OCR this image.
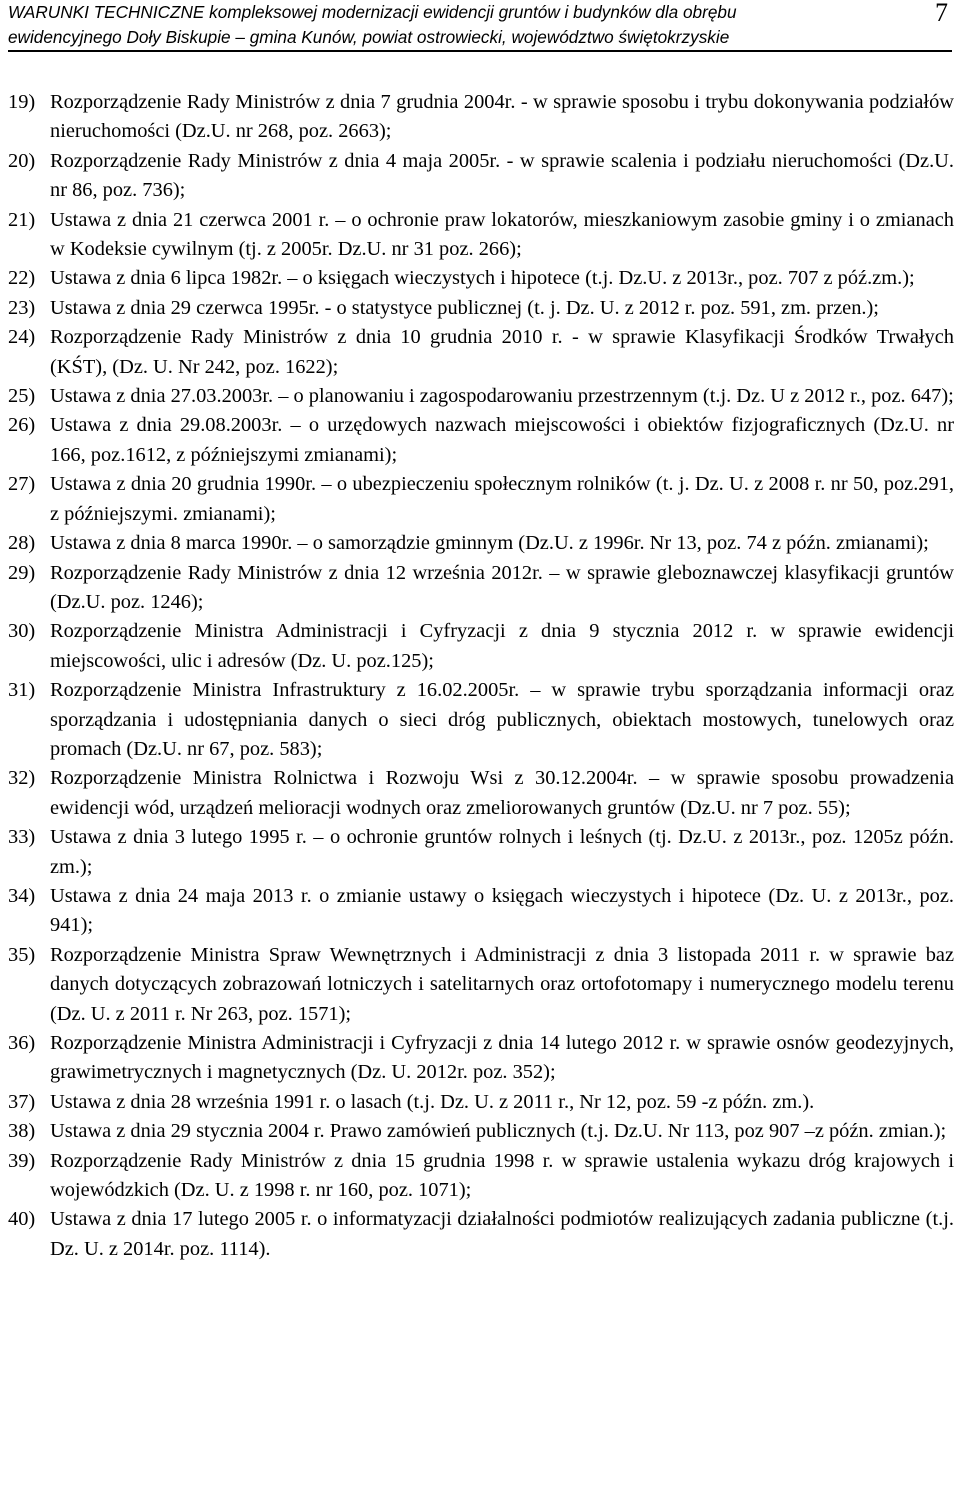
WARUNKI TECHNICZNE kompleksowej modernizacji ewidencji gruntów i budynków dla obrębu
ewidencyjnego Doły Biskupie – gmina Kunów, powiat ostrowiecki, województwo świętokrzyskie
7
19) Rozporządzenie Rady Ministrów z dnia 7 grudnia 2004r. - w sprawie sposobu i trybu dokonywania podziałów nieruchomości (Dz.U. nr 268, poz. 2663);
20) Rozporządzenie Rady Ministrów z dnia 4 maja 2005r. - w sprawie scalenia i podziału nieruchomości (Dz.U. nr 86, poz. 736);
21) Ustawa z dnia 21 czerwca 2001 r. – o ochronie praw lokatorów, mieszkaniowym zasobie gminy i o zmianach w Kodeksie cywilnym (tj. z 2005r. Dz.U. nr 31 poz. 266);
22) Ustawa z dnia 6 lipca 1982r. – o księgach wieczystych i hipotece (t.j. Dz.U. z 2013r., poz. 707 z póź.zm.);
23) Ustawa z dnia 29 czerwca 1995r. - o statystyce publicznej (t. j. Dz. U. z 2012 r. poz. 591, zm. przen.);
24) Rozporządzenie Rady Ministrów z dnia 10 grudnia 2010 r. - w sprawie Klasyfikacji Środków Trwałych (KŚT), (Dz. U. Nr 242, poz. 1622);
25) Ustawa z dnia 27.03.2003r. – o planowaniu i zagospodarowaniu przestrzennym (t.j. Dz. U z 2012 r., poz. 647);
26) Ustawa z dnia 29.08.2003r. – o urzędowych nazwach miejscowości i obiektów fizjograficznych (Dz.U. nr 166, poz.1612, z późniejszymi zmianami);
27) Ustawa z dnia 20 grudnia 1990r. – o ubezpieczeniu społecznym rolników (t. j. Dz. U. z 2008 r. nr 50, poz.291, z późniejszymi. zmianami);
28) Ustawa z dnia 8 marca 1990r. – o samorządzie gminnym (Dz.U. z 1996r. Nr 13, poz. 74 z późn. zmianami);
29) Rozporządzenie Rady Ministrów z dnia 12 września 2012r. – w sprawie gleboznawczej klasyfikacji gruntów (Dz.U. poz. 1246);
30) Rozporządzenie Ministra Administracji i Cyfryzacji z dnia 9 stycznia 2012 r. w sprawie ewidencji miejscowości, ulic i adresów (Dz. U. poz.125);
31) Rozporządzenie Ministra Infrastruktury z 16.02.2005r. – w sprawie trybu sporządzania informacji oraz sporządzania i udostępniania danych o sieci dróg publicznych, obiektach mostowych, tunelowych oraz promach (Dz.U. nr 67, poz. 583);
32) Rozporządzenie Ministra Rolnictwa i Rozwoju Wsi z 30.12.2004r. – w sprawie sposobu prowadzenia ewidencji wód, urządzeń melioracji wodnych oraz zmeliorowanych gruntów (Dz.U. nr 7 poz. 55);
33) Ustawa z dnia 3 lutego 1995 r. – o ochronie gruntów rolnych i leśnych (tj. Dz.U. z 2013r., poz. 1205z późn. zm.);
34) Ustawa z dnia 24 maja 2013 r. o zmianie ustawy o księgach wieczystych i hipotece (Dz. U. z 2013r., poz. 941);
35) Rozporządzenie Ministra Spraw Wewnętrznych i Administracji z dnia 3 listopada 2011 r. w sprawie baz danych dotyczących zobrazowań lotniczych i satelitarnych oraz ortofotomapy i numerycznego modelu terenu (Dz. U. z 2011 r. Nr 263, poz. 1571);
36) Rozporządzenie Ministra Administracji i Cyfryzacji z dnia 14 lutego 2012 r. w sprawie osnów geodezyjnych, grawimetrycznych i magnetycznych (Dz. U. 2012r. poz. 352);
37) Ustawa z dnia 28 września 1991 r. o lasach (t.j. Dz. U. z 2011 r., Nr 12, poz. 59 -z późn. zm.).
38) Ustawa z dnia 29 stycznia 2004 r. Prawo zamówień publicznych (t.j. Dz.U. Nr 113, poz 907 –z późn. zmian.);
39) Rozporządzenie Rady Ministrów z dnia 15 grudnia 1998 r. w sprawie ustalenia wykazu dróg krajowych i wojewódzkich (Dz. U. z 1998 r. nr 160, poz. 1071);
40) Ustawa z dnia 17 lutego 2005 r. o informatyzacji działalności podmiotów realizujących zadania publiczne (t.j. Dz. U. z 2014r. poz. 1114).
